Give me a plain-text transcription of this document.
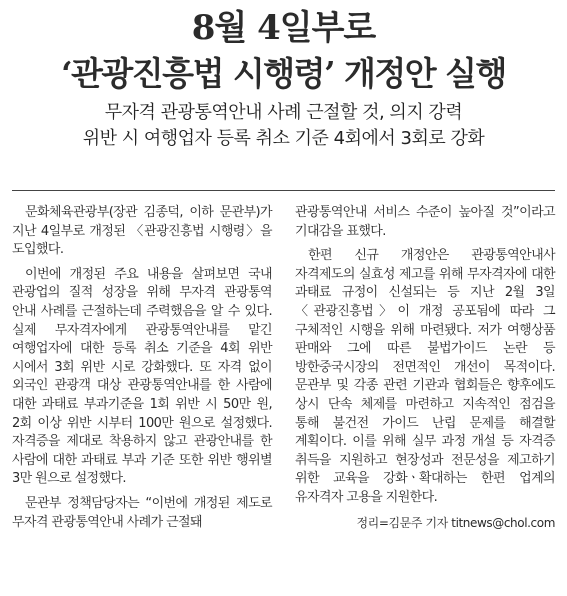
8월 4일부로
‘관광진흥법 시행령’ 개정안 실행
무자격 관광통역안내 사례 근절할 것, 의지 강력
위반 시 여행업자 등록 취소 기준 4회에서 3회로 강화

문화체육관광부(장관 김종덕, 이하 문관부)가 지난 4일부로 개정된 〈관광진흥법 시행령〉을 도입했다.

이번에 개정된 주요 내용을 살펴보면 국내 관광업의 질적 성장을 위해 무자격 관광통역 안내 사례를 근절하는데 주력했음을 알 수 있다. 실제 무자격자에게 관광통역안내를 맡긴 여행업자에 대한 등록 취소 기준을 4회 위반 시에서 3회 위반 시로 강화했다. 또 자격 없이 외국인 관광객 대상 관광통역안내를 한 사람에 대한 과태료 부과기준을 1회 위반 시 50만 원, 2회 이상 위반 시부터 100만 원으로 설정했다. 자격증을 제대로 착용하지 않고 관광안내를 한 사람에 대한 과태료 부과 기준 또한 위반 행위별 3만 원으로 설정했다.

문관부 정책담당자는 “이번에 개정된 제도로 무자격 관광통역안내 사례가 근절돼

관광통역안내 서비스 수준이 높아질 것”이라고 기대감을 표했다.

한편 신규 개정안은 관광통역안내사 자격제도의 실효성 제고를 위해 무자격자에 대한 과태료 규정이 신설되는 등 지난 2월 3일 〈관광진흥법〉이 개정 공포됨에 따라 그 구체적인 시행을 위해 마련됐다. 저가 여행상품 판매와 그에 따른 불법가이드 논란 등 방한중국시장의 전면적인 개선이 목적이다. 문관부 및 각종 관련 기관과 협회들은 향후에도 상시 단속 체제를 마련하고 지속적인 점검을 통해 불건전 가이드 난립 문제를 해결할 계획이다. 이를 위해 실무 과정 개설 등 자격증 취득을 지원하고 현장성과 전문성을 제고하기 위한 교육을 강화ㆍ확대하는 한편 업계의 유자격자 고용을 지원한다.

정리=김문주 기자 titnews@chol.com
